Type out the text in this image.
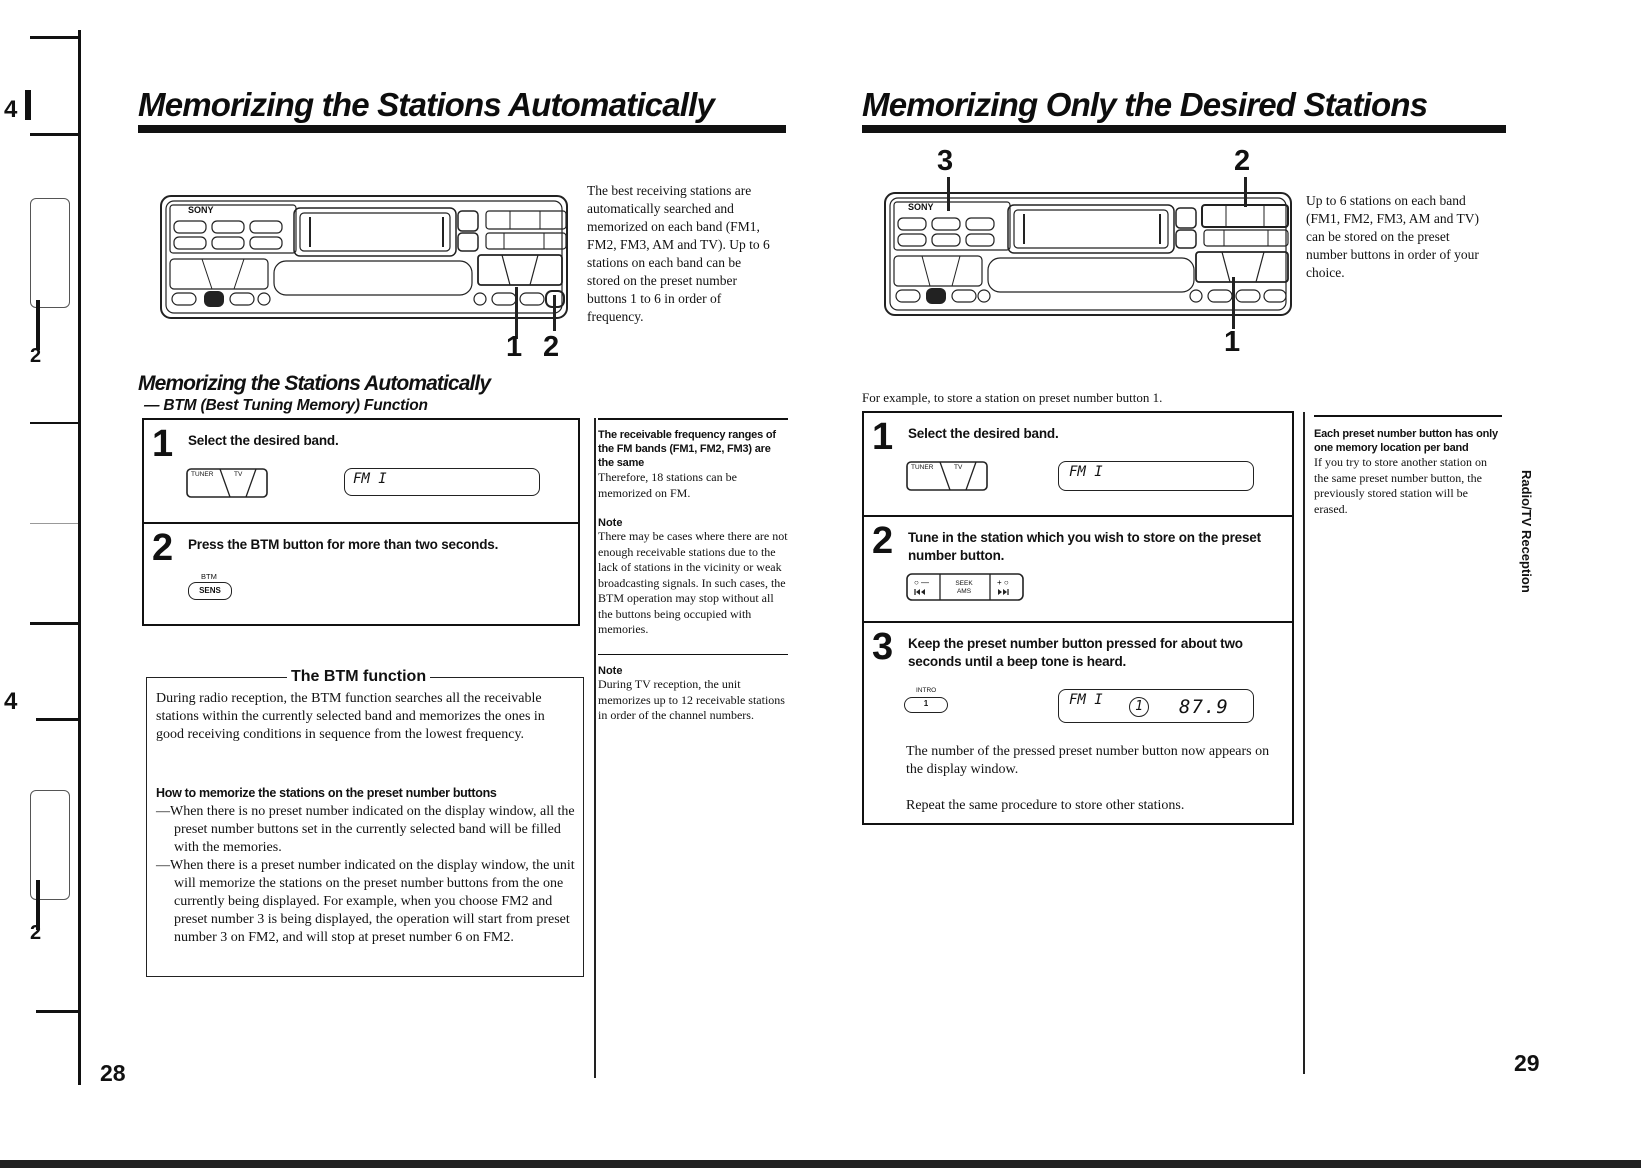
4
2
4
2
Memorizing the Stations Automatically
SONY
1 2
The best receiving stations are automatically searched and memorized on each band (FM1, FM2, FM3, AM and TV). Up to 6 stations on each band can be stored on the preset number buttons 1 to 6 in order of frequency.
Memorizing the Stations Automatically
— BTM (Best Tuning Memory) Function
1 Select the desired band.
TUNER	TV	FM I
2 Press the BTM button for more than two seconds.
BTM
SENS
The BTM function
During radio reception, the BTM function searches all the receivable stations within the currently selected band and memorizes the ones in good receiving conditions in sequence from the lowest frequency.
How to memorize the stations on the preset number buttons
—When there is no preset number indicated on the display window, all the preset number buttons set in the currently selected band will be filled with the memories.
—When there is a preset number indicated on the display window, the unit will memorize the stations on the preset number buttons from the one currently being displayed. For example, when you choose FM2 and preset number 3 is being displayed, the operation will start from preset number 3 on FM2, and will stop at preset number 6 on FM2.
The receivable frequency ranges of the FM bands (FM1, FM2, FM3) are the same
Therefore, 18 stations can be memorized on FM.
Note
There may be cases where there are not enough receivable stations due to the lack of stations in the vicinity or weak broadcasting signals. In such cases, the BTM operation may stop without all the buttons being occupied with memories.
Note
During TV reception, the unit memorizes up to 12 receivable stations in order of the channel numbers.
28
Memorizing Only the Desired Stations
3	2
SONY
1
Up to 6 stations on each band (FM1, FM2, FM3, AM and TV) can be stored on the preset number buttons in order of your choice.
For example, to store a station on preset number button 1.
1 Select the desired band.
TUNER	TV	FM I
2 Tune in the station which you wish to store on the preset number button.
○ —	+ ○
SEEK AMS
3 Keep the preset number button pressed for about two seconds until a beep tone is heard.
INTRO
1	FM I	1	87.9
The number of the pressed preset number button now appears on the display window.
Repeat the same procedure to store other stations.
Each preset number button has only one memory location per band
If you try to store another station on the same preset number button, the previously stored station will be erased.	Radio/TV Reception
29
